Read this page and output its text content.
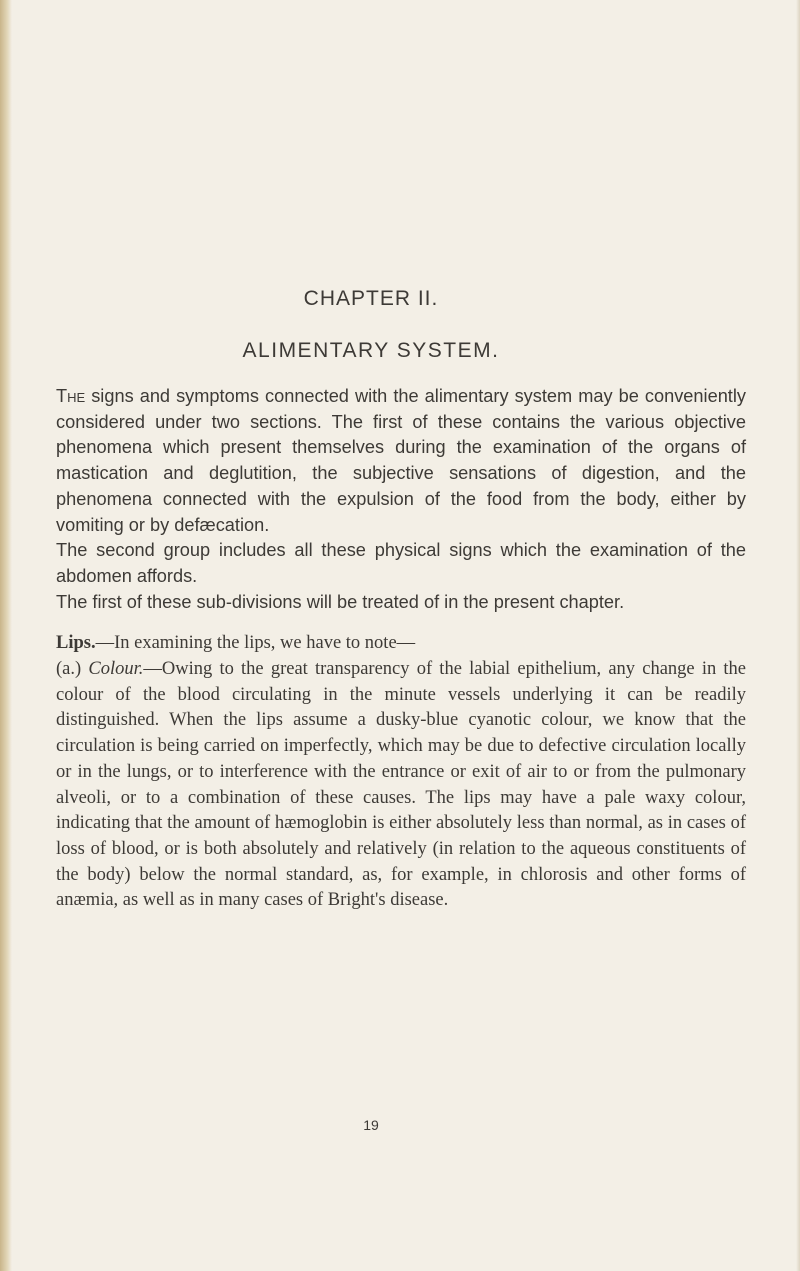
CHAPTER II.
ALIMENTARY SYSTEM.

The signs and symptoms connected with the alimentary system may be conveniently considered under two sections. The first of these contains the various objective phenomena which present themselves during the examination of the organs of mastication and deglutition, the subjective sensations of digestion, and the phenomena connected with the expulsion of the food from the body, either by vomiting or by defæcation.

The second group includes all these physical signs which the examination of the abdomen affords.

The first of these sub-divisions will be treated of in the present chapter.

Lips.—In examining the lips, we have to note—

(a.) Colour.—Owing to the great transparency of the labial epithelium, any change in the colour of the blood circulating in the minute vessels underlying it can be readily distinguished. When the lips assume a dusky-blue cyanotic colour, we know that the circulation is being carried on imperfectly, which may be due to defective circulation locally or in the lungs, or to interference with the entrance or exit of air to or from the pulmonary alveoli, or to a combination of these causes. The lips may have a pale waxy colour, indicating that the amount of hæmoglobin is either absolutely less than normal, as in cases of loss of blood, or is both absolutely and relatively (in relation to the aqueous constituents of the body) below the normal standard, as, for example, in chlorosis and other forms of anæmia, as well as in many cases of Bright's disease.

19
